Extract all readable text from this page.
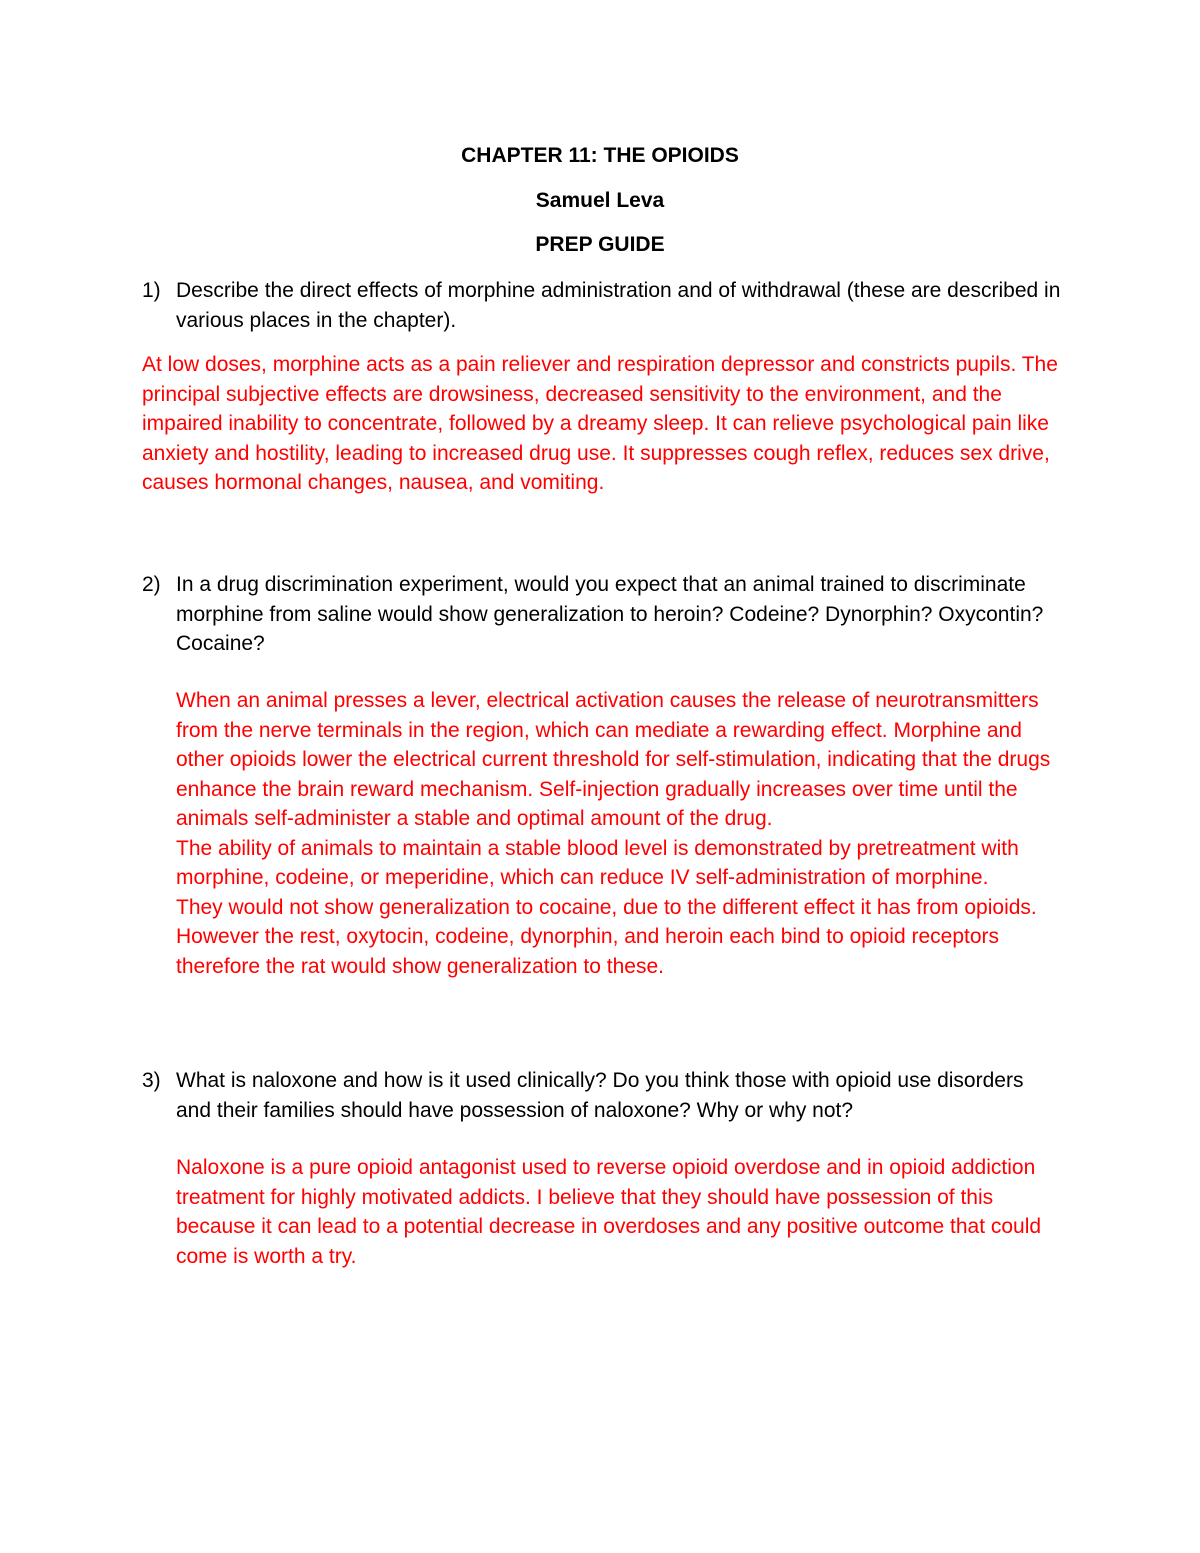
CHAPTER 11: THE OPIOIDS
Samuel Leva
PREP GUIDE
1) Describe the direct effects of morphine administration and of withdrawal (these are described in various places in the chapter).

At low doses, morphine acts as a pain reliever and respiration depressor and constricts pupils. The principal subjective effects are drowsiness, decreased sensitivity to the environment, and the impaired inability to concentrate, followed by a dreamy sleep. It can relieve psychological pain like anxiety and hostility, leading to increased drug use. It suppresses cough reflex, reduces sex drive, causes hormonal changes, nausea, and vomiting.

2) In a drug discrimination experiment, would you expect that an animal trained to discriminate morphine from saline would show generalization to heroin? Codeine? Dynorphin? Oxycontin? Cocaine?

When an animal presses a lever, electrical activation causes the release of neurotransmitters from the nerve terminals in the region, which can mediate a rewarding effect. Morphine and other opioids lower the electrical current threshold for self-stimulation, indicating that the drugs enhance the brain reward mechanism. Self-injection gradually increases over time until the animals self-administer a stable and optimal amount of the drug.

The ability of animals to maintain a stable blood level is demonstrated by pretreatment with morphine, codeine, or meperidine, which can reduce IV self-administration of morphine.

They would not show generalization to cocaine, due to the different effect it has from opioids. However the rest, oxytocin, codeine, dynorphin, and heroin each bind to opioid receptors therefore the rat would show generalization to these.

3) What is naloxone and how is it used clinically? Do you think those with opioid use disorders and their families should have possession of naloxone? Why or why not?

Naloxone is a pure opioid antagonist used to reverse opioid overdose and in opioid addiction treatment for highly motivated addicts. I believe that they should have possession of this because it can lead to a potential decrease in overdoses and any positive outcome that could come is worth a try.
